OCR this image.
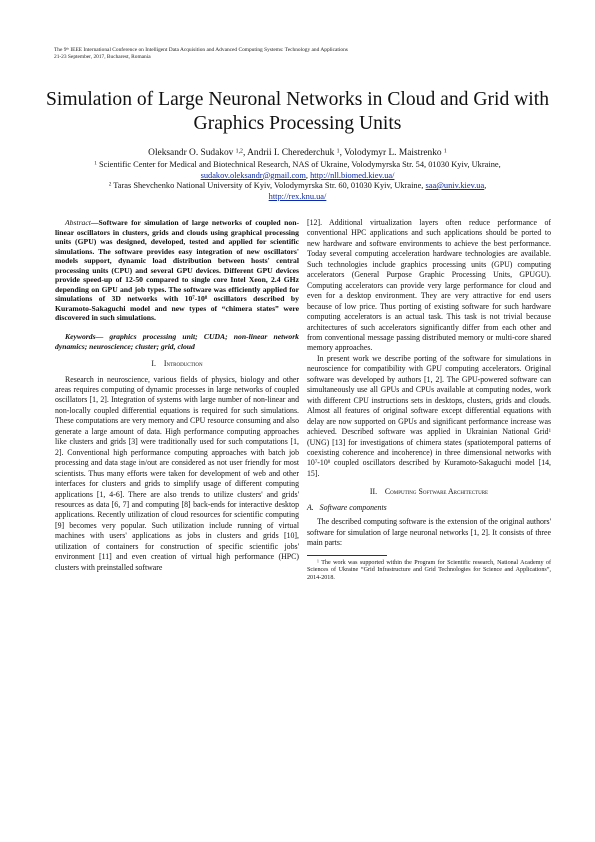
The 9th IEEE International Conference on Intelligent Data Acquisition and Advanced Computing Systems: Technology and Applications
21-23 September, 2017, Bucharest, Romania
Simulation of Large Neuronal Networks in Cloud and Grid with Graphics Processing Units
Oleksandr O. Sudakov $^{1,2}$, Andrii I. Cherederchuk $^1$, Volodymyr L. Maistrenko $^1$
$^1$ Scientific Center for Medical and Biotechnical Research, NAS of Ukraine, Volodymyrska Str. 54, 01030 Kyiv, Ukraine, sudakov.oleksandr@gmail.com, http://nll.biomed.kiev.ua/
$^2$ Taras Shevchenko National University of Kyiv, Volodymyrska Str. 60, 01030 Kyiv, Ukraine, saa@univ.kiev.ua,
http://rex.knu.ua/

Abstract—Software for simulation of large networks of coupled non-linear oscillators in clusters, grids and clouds using graphical processing units (GPU) was designed, developed, tested and applied for scientific simulations. The software provides easy integration of new oscillators' models support, dynamic load distribution between hosts' central processing units (CPU) and several GPU devices. Different GPU devices provide speed-up of 12-50 compared to single core Intel Xeon, 2.4 GHz depending on GPU and job types. The software was efficiently applied for simulations of 3D networks with $10^7-10^8$ oscillators described by Kuramoto-Sakaguchi model and new types of “chimera states” were discovered in such simulations.

Keywords— graphics processing unit; CUDA; non-linear network dynamics; neuroscience; cluster; grid, cloud

I. Introduction

Research in neuroscience, various fields of physics, biology and other areas requires computing of dynamic processes in large networks of coupled oscillators [1, 2]. Integration of systems with large number of non-linear and non-locally coupled differential equations is required for such simulations. These computations are very memory and CPU resource consuming and also generate a large amount of data. High performance computing approaches like clusters and grids [3] were traditionally used for such computations [1, 2]. Conventional high performance computing approaches with batch job processing and data stage in/out are considered as not user friendly for most scientists. Thus many efforts were taken for development of web and other interfaces for clusters and grids to simplify usage of different computing applications [1, 4-6]. There are also trends to utilize clusters' and grids' resources as data [6, 7] and computing [8] back-ends for interactive desktop applications. Recently utilization of cloud resources for scientific computing [9] becomes very popular. Such utilization include running of virtual machines with users' applications as jobs in clusters and grids [10], utilization of containers for construction of specific scientific jobs' environment [11] and even creation of virtual high performance (HPC) clusters with preinstalled software

[12]. Additional virtualization layers often reduce performance of conventional HPC applications and such applications should be ported to new hardware and software environments to achieve the best performance. Today several computing acceleration hardware technologies are available. Such technologies include graphics processing units (GPU) computing accelerators (General Purpose Graphic Processing Units, GPUGU). Computing accelerators can provide very large performance for cloud and even for a desktop environment. They are very attractive for end users because of low price. Thus porting of existing software for such hardware computing accelerators is an actual task. This task is not trivial because architectures of such accelerators significantly differ from each other and from conventional message passing distributed memory or multi-core shared memory approaches.

In present work we describe porting of the software for simulations in neuroscience for compatibility with GPU computing accelerators. Original software was developed by authors [1, 2]. The GPU-powered software can simultaneously use all GPUs and CPUs available at computing nodes, work with different CPU instructions sets in desktops, clusters, grids and clouds. Almost all features of original software except differential equations with delay are now supported on GPUs and significant performance increase was achieved. Described software was applied in Ukrainian National Grid$^1$ (UNG) [13] for investigations of chimera states (spatiotemporal patterns of coexisting coherence and incoherence) in three dimensional networks with $10^7-10^8$ coupled oscillators described by Kuramoto-Sakaguchi model [14, 15].

II. Computing Software Architecture
A. Software components

The described computing software is the extension of the original authors' software for simulation of large neuronal networks [1, 2]. It consists of three main parts:

$^1$ The work was supported within the Program for Scientific research, National Academy of Sciences of Ukraine “Grid Infrastructure and Grid Technologies for Science and Applications”, 2014-2018.
